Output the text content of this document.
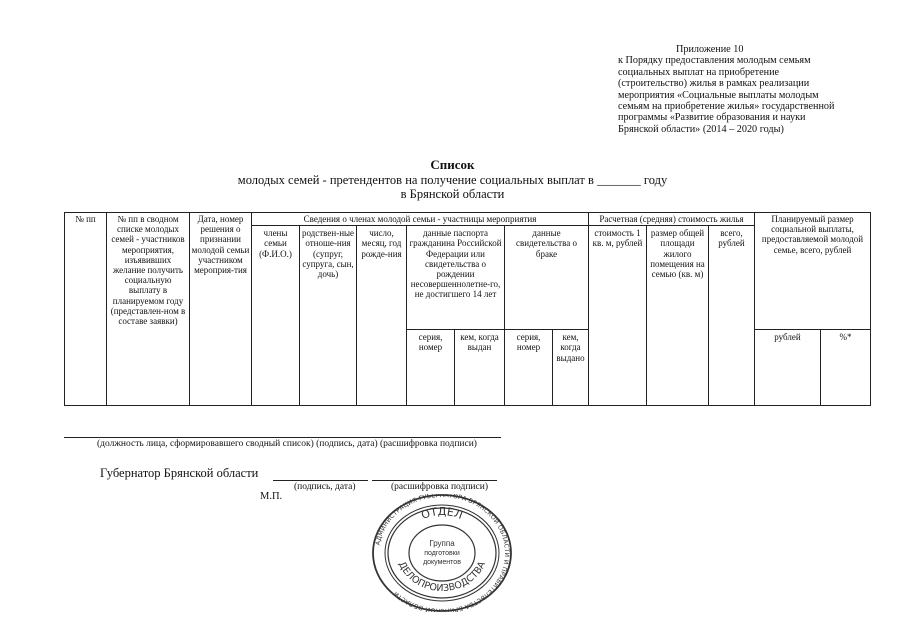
Приложение 10
к Порядку предоставления молодым семьям
социальных выплат на приобретение
(строительство) жилья в рамках реализации
мероприятия «Социальные выплаты молодым
семьям на приобретение жилья» государственной
программы «Развитие образования и науки
Брянской области» (2014 – 2020 годы)
Список
молодых семей - претендентов на получение социальных выплат в _______ году
в Брянской области
№ пп	№ пп в сводном списке молодых семей - участников мероприятия, изъявивших желание получить социальную выплату в планируемом году (представлен-ном в составе заявки)	Дата, номер решения о признании молодой семьи участником мероприя-тия	Сведения о членах молодой семьи - участницы мероприятия							Расчетная (средняя) стоимость жилья			Планируемый размер социальной выплаты, предоставляемой молодой семье, всего, рублей	
			члены семьи (Ф.И.О.)	родствен-ные отноше-ния (супруг, супруга, сын, дочь)	число, месяц, год рожде-ния	данные паспорта гражданина Российской Федерации или свидетельства о рождении несовершеннолетне-го, не достигшего 14 лет		данные свидетельства о браке		стоимость 1 кв. м, рублей	размер общей площади жилого помещения на семью (кв. м)	всего, рублей		
						серия, номер	кем, когда выдан	серия, номер	кем, когда выдано				рублей	%*
(должность лица, сформировавшего сводный список) (подпись, дата) (расшифровка подписи)
Губернатор Брянской области
(подпись, дата)	(расшифровка подписи)
М.П.
АДМИНИСТРАЦИЯ ГУБЕРНАТОРА БРЯНСКОЙ ОБЛАСТИ И ПРАВИТЕЛЬСТВА БРЯНСКОЙ ОБЛАСТИ
ОТДЕЛ
ДЕЛОПРОИЗВОДСТВА
Группа
подготовки
документов
